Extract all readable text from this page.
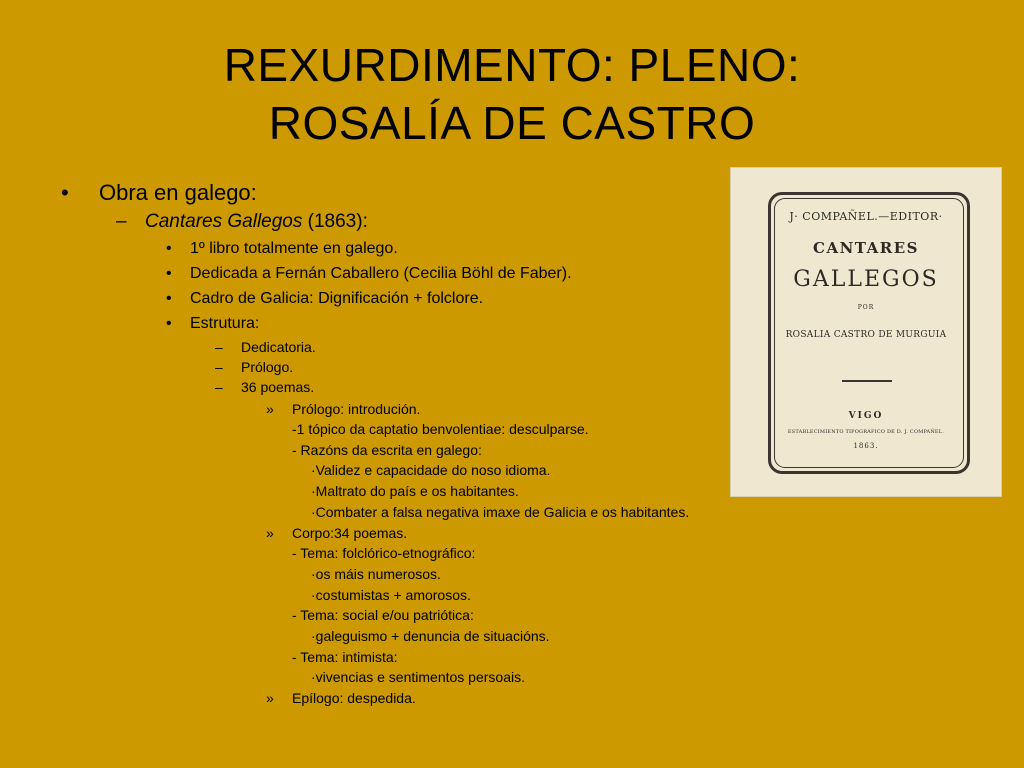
REXURDIMENTO: PLENO:
ROSALÍA DE CASTRO
• Obra en galego:
– Cantares Gallegos (1863):
• 1º libro totalmente en galego.
• Dedicada a Fernán Caballero (Cecilia Böhl de Faber).
• Cadro de Galicia: Dignificación + folclore.
• Estrutura:
– Dedicatoria.
– Prólogo.
– 36 poemas.
» Prólogo: introdución.
-1 tópico da captatio benvolentiae: desculparse.
- Razóns da escrita en galego:
·Validez e capacidade do noso idioma.
·Maltrato do país e os habitantes.
·Combater a falsa negativa imaxe de Galicia e os habitantes.
» Corpo:34 poemas.
- Tema: folclórico-etnográfico:
·os máis numerosos.
·costumistas + amorosos.
- Tema: social e/ou patriótica:
·galeguismo + denuncia de situacións.
- Tema: intimista:
·vivencias e sentimentos persoais.
» Epílogo: despedida.
J· COMPAÑEL.—EDITOR·
CANTARES
GALLEGOS
POR
ROSALIA CASTRO DE MURGUIA
VIGO
ESTABLECIMIENTO TIPOGRÁFICO DE D. J. COMPAÑEL.
1863.
